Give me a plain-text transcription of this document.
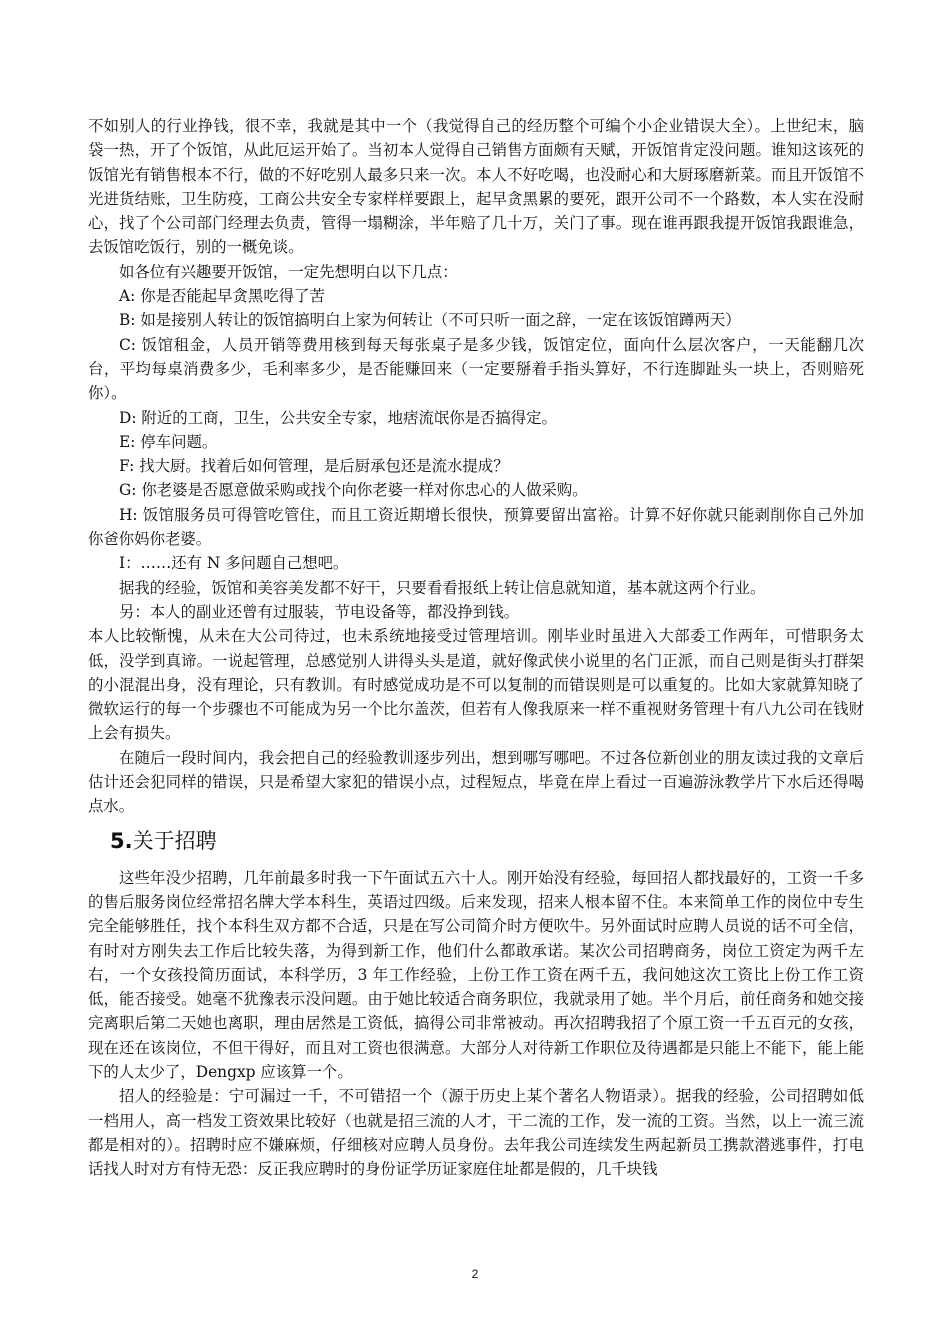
不如别人的行业挣钱，很不幸，我就是其中一个（我觉得自己的经历整个可编个小企业错误大全）。上世纪末，脑袋一热，开了个饭馆，从此厄运开始了。当初本人觉得自己销售方面颇有天赋，开饭馆肯定没问题。谁知这该死的饭馆光有销售根本不行，做的不好吃别人最多只来一次。本人不好吃喝，也没耐心和大厨琢磨新菜。而且开饭馆不光进货结账，卫生防疫，工商公共安全专家样样要跟上，起早贪黑累的要死，跟开公司不一个路数，本人实在没耐心，找了个公司部门经理去负责，管得一塌糊涂，半年赔了几十万，关门了事。现在谁再跟我提开饭馆我跟谁急，去饭馆吃饭行，别的一概免谈。

如各位有兴趣要开饭馆，一定先想明白以下几点：

A: 你是否能起早贪黑吃得了苦

B: 如是接别人转让的饭馆搞明白上家为何转让（不可只听一面之辞，一定在该饭馆蹲两天）

C: 饭馆租金，人员开销等费用核到每天每张桌子是多少钱，饭馆定位，面向什么层次客户，一天能翻几次台，平均每桌消费多少，毛利率多少，是否能赚回来（一定要掰着手指头算好，不行连脚趾头一块上，否则赔死你）。

D: 附近的工商，卫生，公共安全专家，地痞流氓你是否搞得定。

E: 停车问题。

F: 找大厨。找着后如何管理，是后厨承包还是流水提成？

G: 你老婆是否愿意做采购或找个向你老婆一样对你忠心的人做采购。

H: 饭馆服务员可得管吃管住，而且工资近期增长很快，预算要留出富裕。计算不好你就只能剥削你自己外加你爸你妈你老婆。

I：……还有 N 多问题自己想吧。

据我的经验，饭馆和美容美发都不好干，只要看看报纸上转让信息就知道，基本就这两个行业。

另：本人的副业还曾有过服装，节电设备等，都没挣到钱。

本人比较惭愧，从未在大公司待过，也未系统地接受过管理培训。刚毕业时虽进入大部委工作两年，可惜职务太低，没学到真谛。一说起管理，总感觉别人讲得头头是道，就好像武侠小说里的名门正派，而自己则是街头打群架的小混混出身，没有理论，只有教训。有时感觉成功是不可以复制的而错误则是可以重复的。比如大家就算知晓了微软运行的每一个步骤也不可能成为另一个比尔盖茨，但若有人像我原来一样不重视财务管理十有八九公司在钱财上会有损失。

在随后一段时间内，我会把自己的经验教训逐步列出，想到哪写哪吧。不过各位新创业的朋友读过我的文章后估计还会犯同样的错误，只是希望大家犯的错误小点，过程短点，毕竟在岸上看过一百遍游泳教学片下水后还得喝点水。

5.关于招聘

这些年没少招聘，几年前最多时我一下午面试五六十人。刚开始没有经验，每回招人都找最好的，工资一千多的售后服务岗位经常招名牌大学本科生，英语过四级。后来发现，招来人根本留不住。本来简单工作的岗位中专生完全能够胜任，找个本科生双方都不合适，只是在写公司简介时方便吹牛。另外面试时应聘人员说的话不可全信，有时对方刚失去工作后比较失落，为得到新工作，他们什么都敢承诺。某次公司招聘商务，岗位工资定为两千左右，一个女孩投简历面试，本科学历，3 年工作经验，上份工作工资在两千五，我问她这次工资比上份工作工资低，能否接受。她毫不犹豫表示没问题。由于她比较适合商务职位，我就录用了她。半个月后，前任商务和她交接完离职后第二天她也离职，理由居然是工资低，搞得公司非常被动。再次招聘我招了个原工资一千五百元的女孩，现在还在该岗位，不但干得好，而且对工资也很满意。大部分人对待新工作职位及待遇都是只能上不能下，能上能下的人太少了，Dengxp 应该算一个。

招人的经验是：宁可漏过一千，不可错招一个（源于历史上某个著名人物语录）。据我的经验，公司招聘如低一档用人，高一档发工资效果比较好（也就是招三流的人才，干二流的工作，发一流的工资。当然，以上一流三流都是相对的）。招聘时应不嫌麻烦，仔细核对应聘人员身份。去年我公司连续发生两起新员工携款潜逃事件，打电话找人时对方有恃无恐：反正我应聘时的身份证学历证家庭住址都是假的，几千块钱

2
